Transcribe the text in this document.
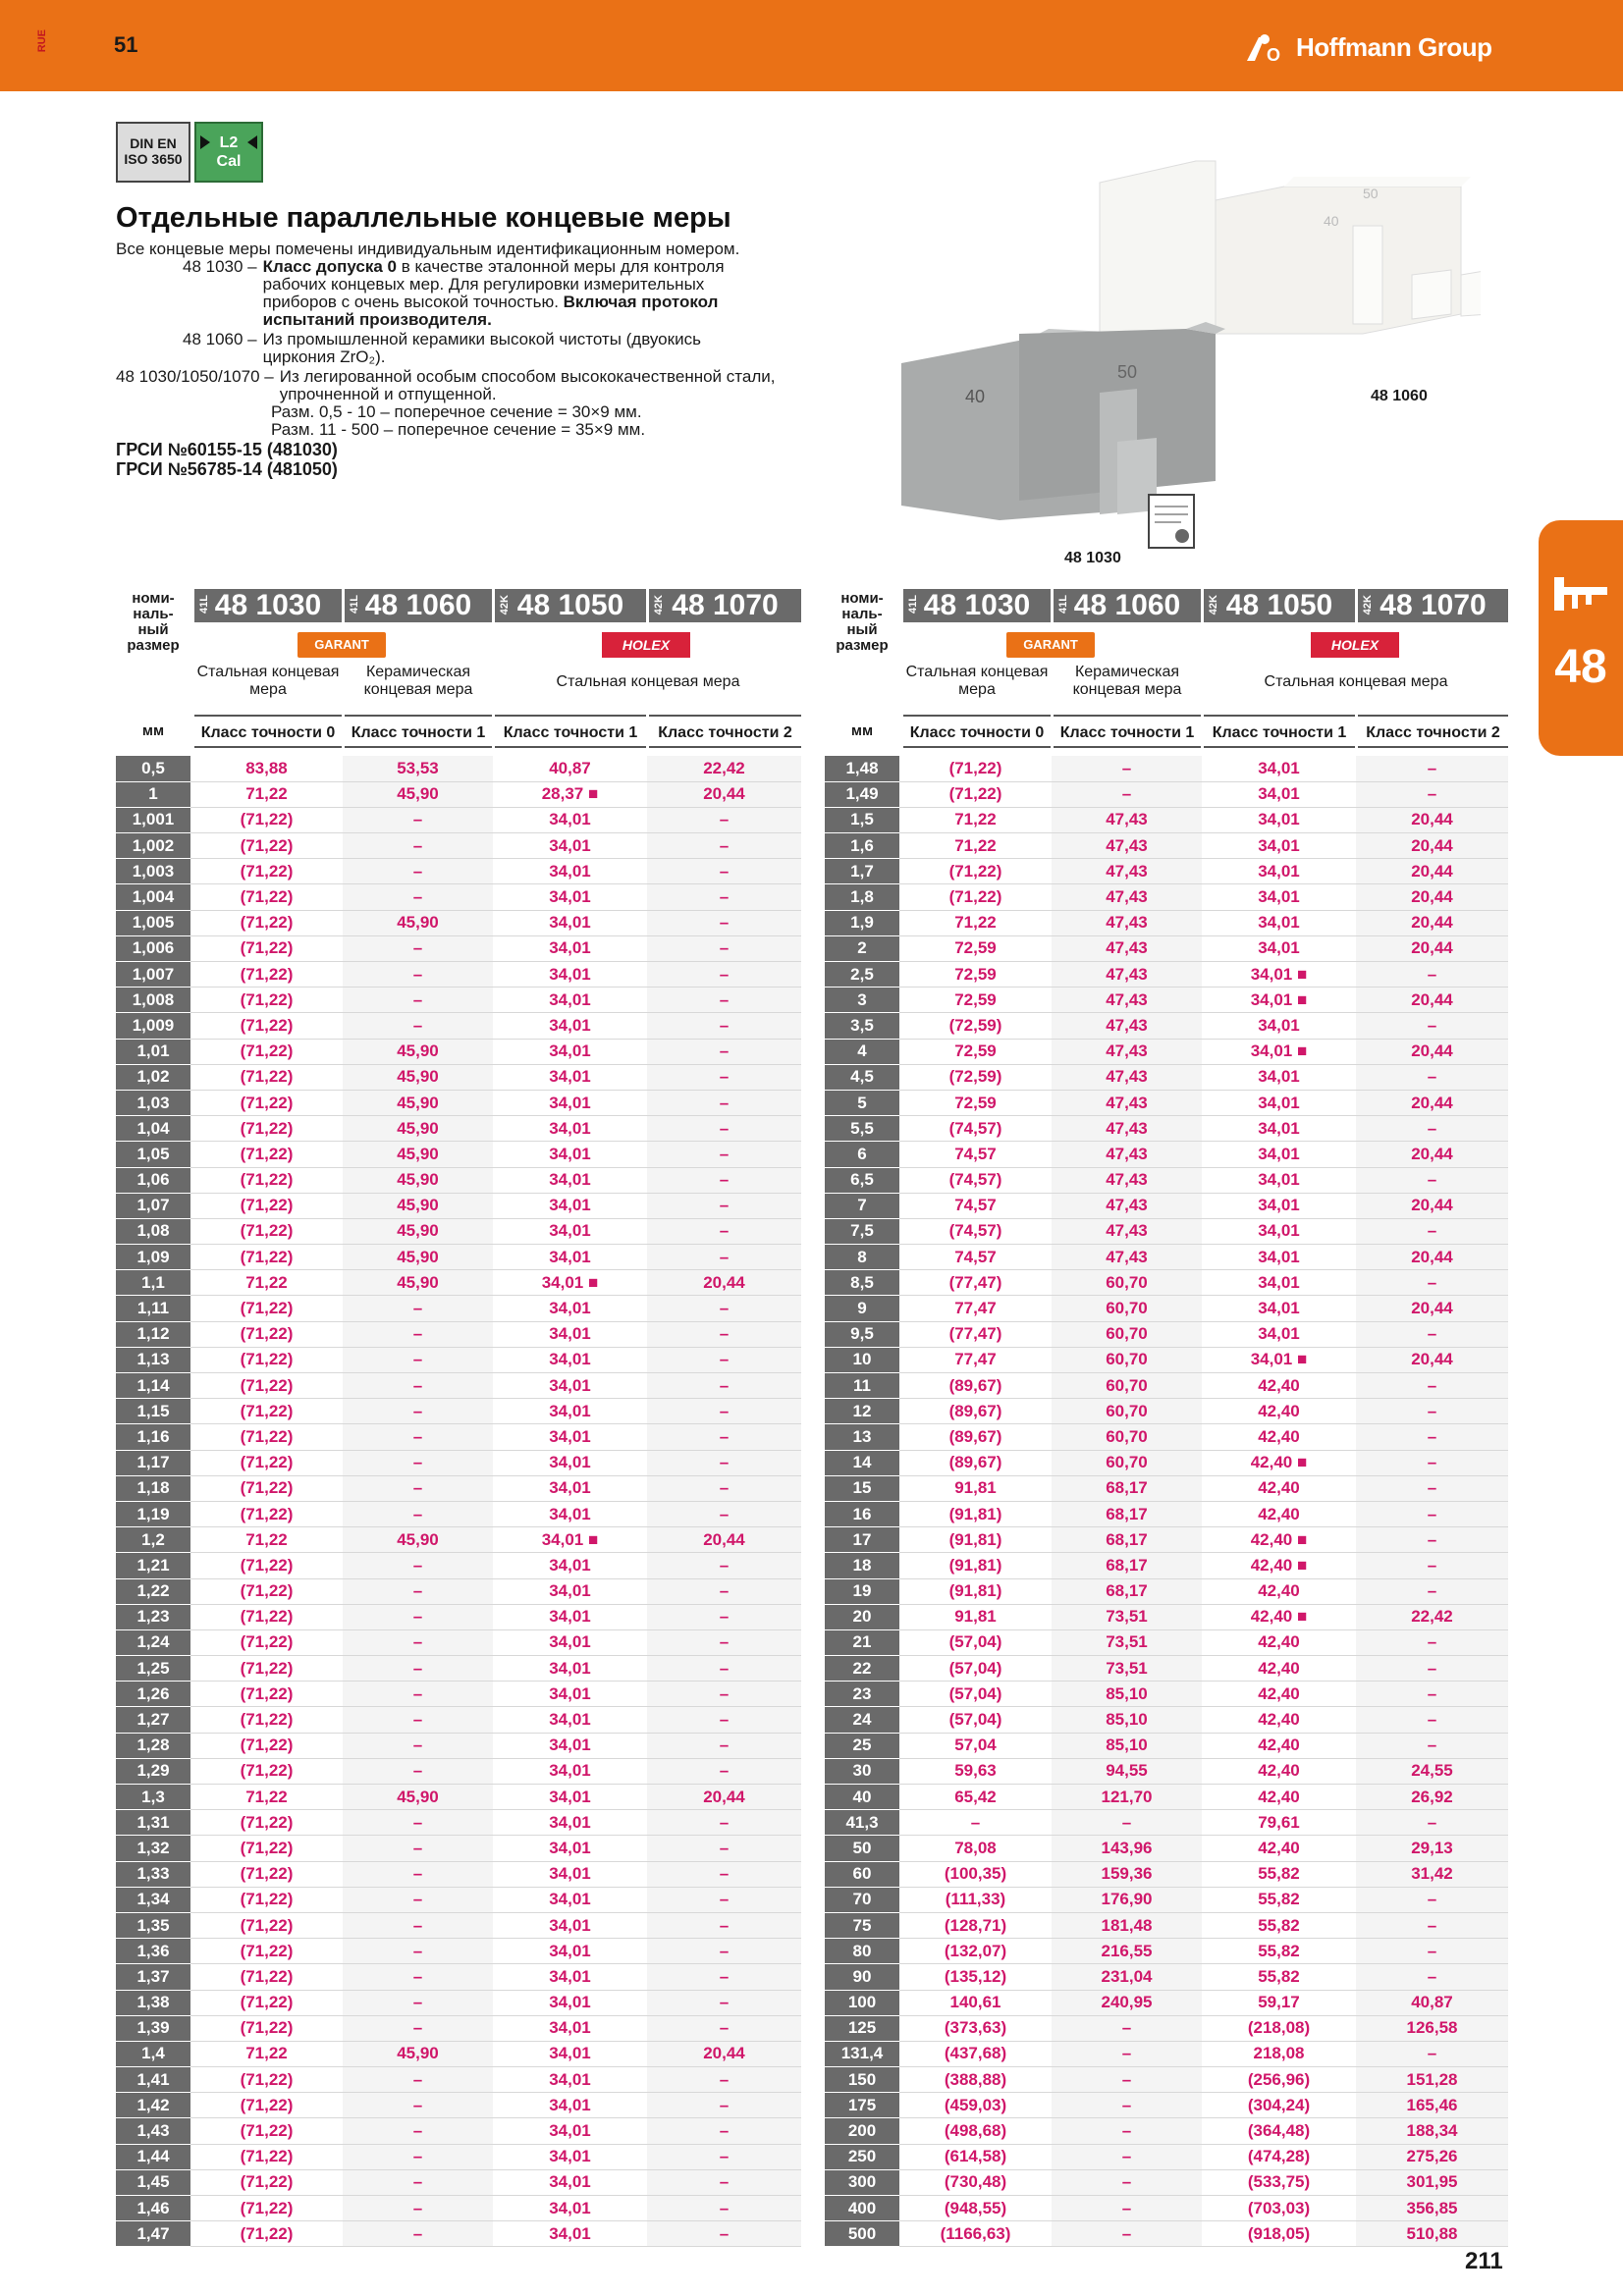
RUE	51	O Hoffmann Group
DIN EN
ISO 3650
L2
Cal
Отдельные параллельные концевые меры
Все концевые меры помечены индивидуальным идентификационным номером.
48 1030 – Класс допуска 0 в качестве эталонной меры для контроля рабочих концевых мер. Для регулировки измерительных приборов с очень высокой точностью. Включая протокол испытаний производителя.
48 1060 – Из промышленной керамики высокой чистоты (двуокись циркония ZrO₂).
48 1030/1050/1070 – Из легированной особым способом высококачественной стали, упрочненной и отпущенной.
Разм. 0,5 - 10 – поперечное сечение = 30×9 мм.
Разм. 11 - 500 – поперечное сечение = 35×9 мм.
ГРСИ №60155-15 (481030)
ГРСИ №56785-14 (481050)
40
50
40
50
48 1060
48 1030
48
номи-
наль-
ный
размер
48 1030	48 1060	48 1050	48 1070
41L	41L	42K	42K
GARANT	HOLEX
Стальная концевая мера
Керамическая концевая мера	Стальная концевая мера
мм	Класс точности 0	Класс точности 1	Класс точности 1	Класс точности 2
номи-
наль-
ный
размер
48 1030	48 1060	48 1050	48 1070
41L	41L	42K	42K
GARANT	HOLEX
Стальная концевая мера
Керамическая концевая мера	Стальная концевая мера
мм	Класс точности 0	Класс точности 1	Класс точности 1	Класс точности 2
0,5	83,88	53,53	40,87	22,42
1	71,22	45,90	28,37 ■	20,44
1,001	(71,22)	–	34,01	–
1,002	(71,22)	–	34,01	–
1,003	(71,22)	–	34,01	–
1,004	(71,22)	–	34,01	–
1,005	(71,22)	45,90	34,01	–
1,006	(71,22)	–	34,01	–
1,007	(71,22)	–	34,01	–
1,008	(71,22)	–	34,01	–
1,009	(71,22)	–	34,01	–
1,01	(71,22)	45,90	34,01	–
1,02	(71,22)	45,90	34,01	–
1,03	(71,22)	45,90	34,01	–
1,04	(71,22)	45,90	34,01	–
1,05	(71,22)	45,90	34,01	–
1,06	(71,22)	45,90	34,01	–
1,07	(71,22)	45,90	34,01	–
1,08	(71,22)	45,90	34,01	–
1,09	(71,22)	45,90	34,01	–
1,1	71,22	45,90	34,01 ■	20,44
1,11	(71,22)	–	34,01	–
1,12	(71,22)	–	34,01	–
1,13	(71,22)	–	34,01	–
1,14	(71,22)	–	34,01	–
1,15	(71,22)	–	34,01	–
1,16	(71,22)	–	34,01	–
1,17	(71,22)	–	34,01	–
1,18	(71,22)	–	34,01	–
1,19	(71,22)	–	34,01	–
1,2	71,22	45,90	34,01 ■	20,44
1,21	(71,22)	–	34,01	–
1,22	(71,22)	–	34,01	–
1,23	(71,22)	–	34,01	–
1,24	(71,22)	–	34,01	–
1,25	(71,22)	–	34,01	–
1,26	(71,22)	–	34,01	–
1,27	(71,22)	–	34,01	–
1,28	(71,22)	–	34,01	–
1,29	(71,22)	–	34,01	–
1,3	71,22	45,90	34,01	20,44
1,31	(71,22)	–	34,01	–
1,32	(71,22)	–	34,01	–
1,33	(71,22)	–	34,01	–
1,34	(71,22)	–	34,01	–
1,35	(71,22)	–	34,01	–
1,36	(71,22)	–	34,01	–
1,37	(71,22)	–	34,01	–
1,38	(71,22)	–	34,01	–
1,39	(71,22)	–	34,01	–
1,4	71,22	45,90	34,01	20,44
1,41	(71,22)	–	34,01	–
1,42	(71,22)	–	34,01	–
1,43	(71,22)	–	34,01	–
1,44	(71,22)	–	34,01	–
1,45	(71,22)	–	34,01	–
1,46	(71,22)	–	34,01	–
1,47	(71,22)	–	34,01	–
1,48	(71,22)	–	34,01	–
1,49	(71,22)	–	34,01	–
1,5	71,22	47,43	34,01	20,44
1,6	71,22	47,43	34,01	20,44
1,7	(71,22)	47,43	34,01	20,44
1,8	(71,22)	47,43	34,01	20,44
1,9	71,22	47,43	34,01	20,44
2	72,59	47,43	34,01	20,44
2,5	72,59	47,43	34,01 ■	–
3	72,59	47,43	34,01 ■	20,44
3,5	(72,59)	47,43	34,01	–
4	72,59	47,43	34,01 ■	20,44
4,5	(72,59)	47,43	34,01	–
5	72,59	47,43	34,01	20,44
5,5	(74,57)	47,43	34,01	–
6	74,57	47,43	34,01	20,44
6,5	(74,57)	47,43	34,01	–
7	74,57	47,43	34,01	20,44
7,5	(74,57)	47,43	34,01	–
8	74,57	47,43	34,01	20,44
8,5	(77,47)	60,70	34,01	–
9	77,47	60,70	34,01	20,44
9,5	(77,47)	60,70	34,01	–
10	77,47	60,70	34,01 ■	20,44
11	(89,67)	60,70	42,40	–
12	(89,67)	60,70	42,40	–
13	(89,67)	60,70	42,40	–
14	(89,67)	60,70	42,40 ■	–
15	91,81	68,17	42,40	–
16	(91,81)	68,17	42,40	–
17	(91,81)	68,17	42,40 ■	–
18	(91,81)	68,17	42,40 ■	–
19	(91,81)	68,17	42,40	–
20	91,81	73,51	42,40 ■	22,42
21	(57,04)	73,51	42,40	–
22	(57,04)	73,51	42,40	–
23	(57,04)	85,10	42,40	–
24	(57,04)	85,10	42,40	–
25	57,04	85,10	42,40	–
30	59,63	94,55	42,40	24,55
40	65,42	121,70	42,40	26,92
41,3	–	–	79,61	–
50	78,08	143,96	42,40	29,13
60	(100,35)	159,36	55,82	31,42
70	(111,33)	176,90	55,82	–
75	(128,71)	181,48	55,82	–
80	(132,07)	216,55	55,82	–
90	(135,12)	231,04	55,82	–
100	140,61	240,95	59,17	40,87
125	(373,63)	–	(218,08)	126,58
131,4	(437,68)	–	218,08	–
150	(388,88)	–	(256,96)	151,28
175	(459,03)	–	(304,24)	165,46
200	(498,68)	–	(364,48)	188,34
250	(614,58)	–	(474,28)	275,26
300	(730,48)	–	(533,75)	301,95
400	(948,55)	–	(703,03)	356,85
500	(1166,63)	–	(918,05)	510,88
211
